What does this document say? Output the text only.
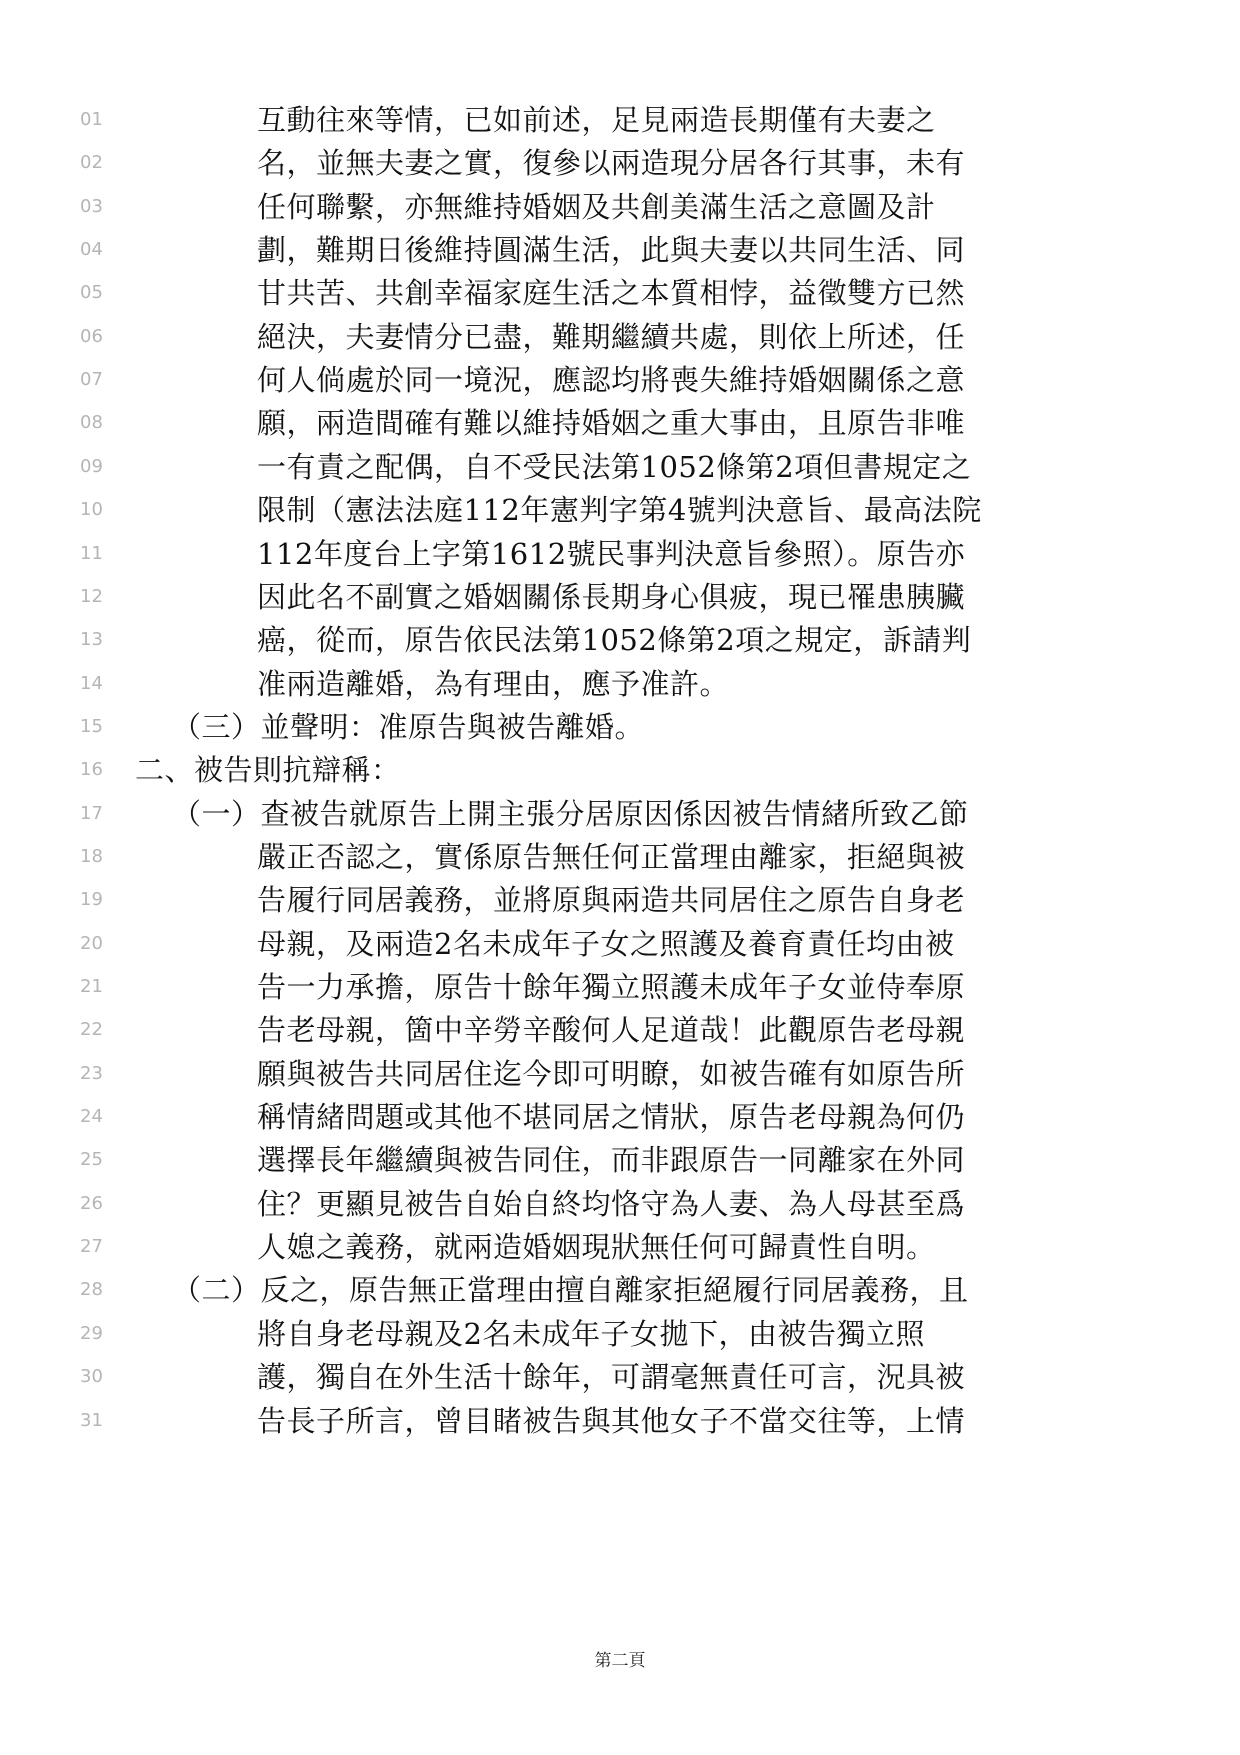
01	互動往來等情，已如前述，足見兩造長期僅有夫妻之
02	名，並無夫妻之實，復參以兩造現分居各行其事，未有
03	任何聯繫，亦無維持婚姻及共創美滿生活之意圖及計
04	劃，難期日後維持圓滿生活，此與夫妻以共同生活、同
05	甘共苦、共創幸福家庭生活之本質相悖，益徵雙方已然
06	絕決，夫妻情分已盡，難期繼續共處，則依上所述，任
07	何人倘處於同一境況，應認均將喪失維持婚姻關係之意
08	願，兩造間確有難以維持婚姻之重大事由，且原告非唯
09	一有責之配偶，自不受民法第1052條第2項但書規定之
10	限制（憲法法庭112年憲判字第4號判決意旨、最高法院
11	112年度台上字第1612號民事判決意旨參照）。原告亦
12	因此名不副實之婚姻關係長期身心俱疲，現已罹患胰臟
13	癌，從而，原告依民法第1052條第2項之規定，訴請判
14	准兩造離婚，為有理由，應予准許。
15	（三）並聲明：准原告與被告離婚。
16	二、被告則抗辯稱：
17	（一）查被告就原告上開主張分居原因係因被告情緒所致乙節
18	嚴正否認之，實係原告無任何正當理由離家，拒絕與被
19	告履行同居義務，並將原與兩造共同居住之原告自身老
20	母親，及兩造2名未成年子女之照護及養育責任均由被
21	告一力承擔，原告十餘年獨立照護未成年子女並侍奉原
22	告老母親，箇中辛勞辛酸何人足道哉！此觀原告老母親
23	願與被告共同居住迄今即可明瞭，如被告確有如原告所
24	稱情緒問題或其他不堪同居之情狀，原告老母親為何仍
25	選擇長年繼續與被告同住，而非跟原告一同離家在外同
26	住？更顯見被告自始自終均恪守為人妻、為人母甚至爲
27	人媳之義務，就兩造婚姻現狀無任何可歸責性自明。
28	（二）反之，原告無正當理由擅自離家拒絕履行同居義務，且
29	將自身老母親及2名未成年子女拋下，由被告獨立照
30	護，獨自在外生活十餘年，可謂毫無責任可言，況具被
31	告長子所言，曾目睹被告與其他女子不當交往等，上情
第二頁
